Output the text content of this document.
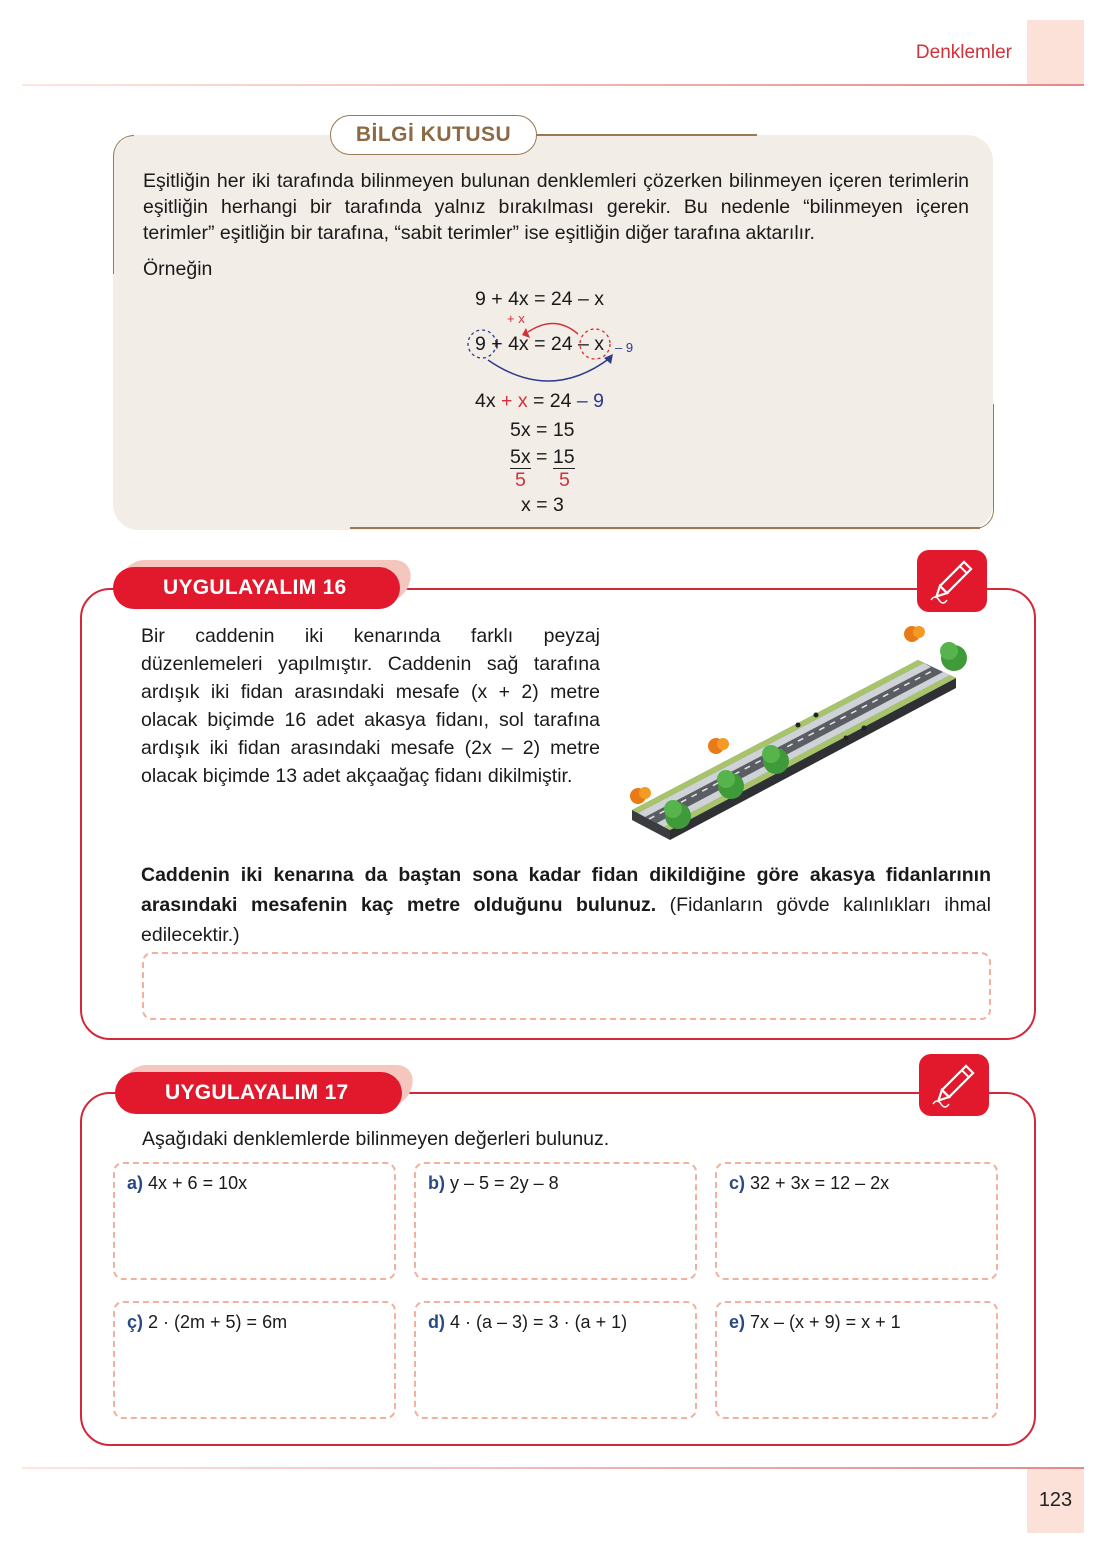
Denklemler
BİLGİ KUTUSU
Eşitliğin her iki tarafında bilinmeyen bulunan denklemleri çözerken bilinmeyen içeren terimlerin eşitliğin herhangi bir tarafında yalnız bırakılması gerekir. Bu nedenle “bilinmeyen içeren terimler” eşitliğin bir tarafına, “sabit terimler” ise eşitliğin diğer tarafına aktarılır.
Örneğin
9 + 4x = 24 – x
+ x
9 + 4x = 24 – x – 9
4x + x = 24 – 9
5x = 15
5x = 15
5 5
x = 3
UYGULAYALIM 16
Bir caddenin iki kenarında farklı peyzaj düzenlemeleri yapılmıştır. Caddenin sağ tarafına ardışık iki fidan arasındaki mesafe (x + 2) metre olacak biçimde 16 adet akasya fidanı, sol tarafına ardışık iki fidan arasındaki mesafe (2x – 2) metre olacak biçimde 13 adet akçaağaç fidanı dikilmiştir.
Caddenin iki kenarına da baştan sona kadar fidan dikildiğine göre akasya fidanlarının arasındaki mesafenin kaç metre olduğunu bulunuz. (Fidanların gövde kalınlıkları ihmal edilecektir.)
UYGULAYALIM 17
Aşağıdaki denklemlerde bilinmeyen değerleri bulunuz.
a) 4x + 6 = 10x	b) y – 5 = 2y – 8	c) 32 + 3x = 12 – 2x
ç) 2 · (2m + 5) = 6m	d) 4 · (a – 3) = 3 · (a + 1)	e) 7x – (x + 9) = x + 1
123
